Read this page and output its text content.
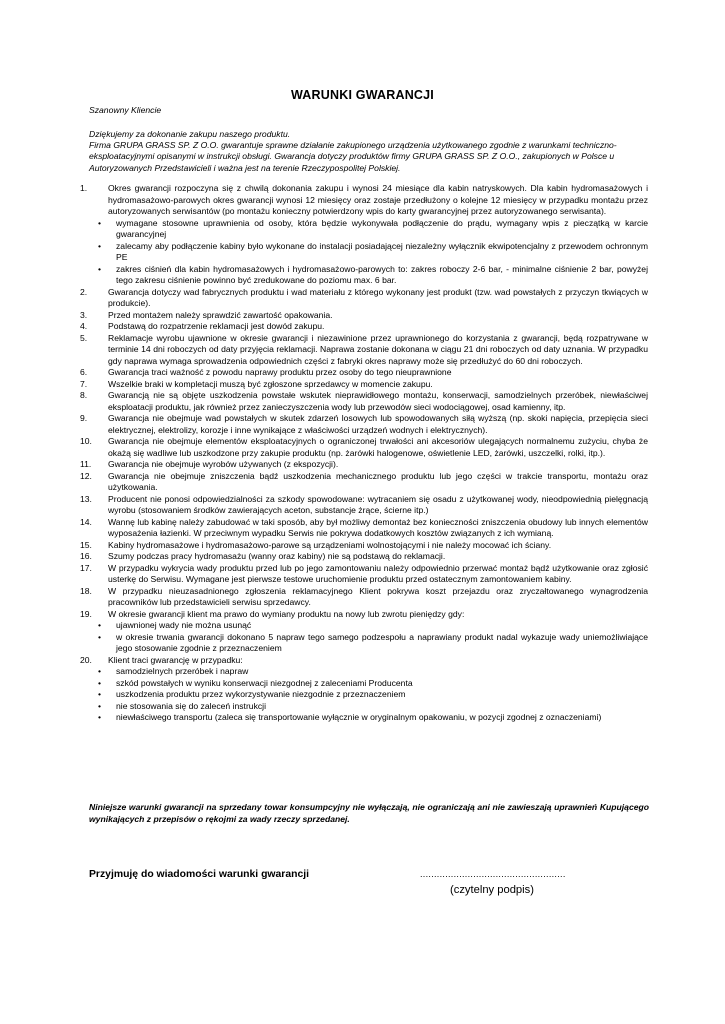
WARUNKI GWARANCJI
Szanowny Kliencie

Dziękujemy za dokonanie zakupu naszego produktu.

Firma GRUPA GRASS SP. Z O.O. gwarantuje sprawne działanie zakupionego urządzenia użytkowanego zgodnie z warunkami techniczno-eksploatacyjnymi opisanymi w instrukcji obsługi. Gwarancja dotyczy produktów firmy GRUPA GRASS SP. Z O.O., zakupionych w Polsce u Autoryzowanych Przedstawicieli i ważna jest na terenie Rzeczypospolitej Polskiej.

1.	Okres gwarancji rozpoczyna się z chwilą dokonania zakupu i wynosi 24 miesiące dla kabin natryskowych. Dla kabin hydromasażowych i hydromasażowo-parowych okres gwarancji wynosi 12 miesięcy oraz zostaje przedłużony o kolejne 12 miesięcy w przypadku montażu przez autoryzowanych serwisantów (po montażu konieczny potwierdzony wpis do karty gwarancyjnej przez autoryzowanego serwisanta).
• wymagane stosowne uprawnienia od osoby, która będzie wykonywała podłączenie do prądu, wymagany wpis z pieczątką w karcie gwarancyjnej
• zalecamy aby podłączenie kabiny było wykonane do instalacji posiadającej niezależny wyłącznik ekwipotencjalny z przewodem ochronnym PE
• zakres ciśnień dla kabin hydromasażowych i hydromasażowo-parowych to: zakres roboczy 2-6 bar, - minimalne ciśnienie 2 bar, powyżej tego zakresu ciśnienie powinno być zredukowane do poziomu max. 6 bar.
2.	Gwarancja dotyczy wad fabrycznych produktu i wad materiału z którego wykonany jest produkt (tzw. wad powstałych z przyczyn tkwiących w produkcie).
3.	Przed montażem należy sprawdzić zawartość opakowania.
4.	Podstawą do rozpatrzenie reklamacji jest dowód zakupu.
5.	Reklamacje wyrobu ujawnione w okresie gwarancji i niezawinione przez uprawnionego do korzystania z gwarancji, będą rozpatrywane w terminie 14 dni roboczych od daty przyjęcia reklamacji. Naprawa zostanie dokonana w ciągu 21 dni roboczych od daty uznania. W przypadku gdy naprawa wymaga sprowadzenia odpowiednich części z fabryki okres naprawy może się przedłużyć do 60 dni roboczych.
6.	Gwarancja traci ważność z powodu naprawy produktu przez osoby do tego nieuprawnione
7.	Wszelkie braki w kompletacji muszą być zgłoszone sprzedawcy w momencie zakupu.
8.	Gwarancją nie są objęte uszkodzenia powstałe wskutek nieprawidłowego montażu, konserwacji, samodzielnych przeróbek, niewłaściwej eksploatacji produktu, jak również przez zanieczyszczenia wody lub przewodów sieci wodociągowej, osad kamienny, itp.
9.	Gwarancja nie obejmuje wad powstałych w skutek zdarzeń losowych lub spowodowanych siłą wyższą (np. skoki napięcia, przepięcia sieci elektrycznej, elektrolizy, korozje i inne wynikające z właściwości urządzeń wodnych i elektrycznych).
10.	Gwarancja nie obejmuje elementów eksploatacyjnych o ograniczonej trwałości ani akcesoriów ulegających normalnemu zużyciu, chyba że okażą się wadliwe lub uszkodzone przy zakupie produktu (np. żarówki halogenowe, oświetlenie LED, żarówki, uszczelki, rolki, itp.).
11.	Gwarancja nie obejmuje wyrobów używanych (z ekspozycji).
12.	Gwarancja nie obejmuje zniszczenia bądź uszkodzenia mechanicznego produktu lub jego części w trakcie transportu, montażu oraz użytkowania.
13.	Producent nie ponosi odpowiedzialności za szkody spowodowane: wytracaniem się osadu z użytkowanej wody, nieodpowiednią pielęgnacją wyrobu (stosowaniem środków zawierających aceton, substancje żrące, ścierne itp.)
14.	Wannę lub kabinę należy zabudować w taki sposób, aby był możliwy demontaż bez konieczności zniszczenia obudowy lub innych elementów wyposażenia łazienki. W przeciwnym wypadku Serwis nie pokrywa dodatkowych kosztów związanych z ich wymianą.
15.	Kabiny hydromasażowe i hydromasażowo-parowe są urządzeniami wolnostojącymi i nie należy mocować ich ściany.
16.	Szumy podczas pracy hydromasażu (wanny oraz kabiny) nie są podstawą do reklamacji.
17.	W przypadku wykrycia wady produktu przed lub po jego zamontowaniu należy odpowiednio przerwać montaż bądź użytkowanie oraz zgłosić usterkę do Serwisu. Wymagane jest pierwsze testowe uruchomienie produktu przed ostatecznym zamontowaniem kabiny.
18.	W przypadku nieuzasadnionego zgłoszenia reklamacyjnego Klient pokrywa koszt przejazdu oraz zryczałtowanego wynagrodzenia pracowników lub przedstawicieli serwisu sprzedawcy.
19.	W okresie gwarancji klient ma prawo do wymiany produktu na nowy lub zwrotu pieniędzy gdy:
• ujawnionej wady nie można usunąć
• w okresie trwania gwarancji dokonano 5 napraw tego samego podzespołu a naprawiany produkt nadal wykazuje wady uniemożliwiające jego stosowanie zgodnie z przeznaczeniem
20.	Klient traci gwarancję w przypadku:
• samodzielnych przeróbek i napraw
• szkód powstałych w wyniku konserwacji niezgodnej z zaleceniami Producenta
• uszkodzenia produktu przez wykorzystywanie niezgodnie z przeznaczeniem
• nie stosowania się do zaleceń instrukcji
• niewłaściwego transportu (zaleca się transportowanie wyłącznie w oryginalnym opakowaniu, w pozycji zgodnej z oznaczeniami)
Niniejsze warunki gwarancji na sprzedany towar konsumpcyjny nie wyłączają, nie ograniczają ani nie zawieszają uprawnień Kupującego wynikających z przepisów o rękojmi za wady rzeczy sprzedanej.
Przyjmuję do wiadomości warunki gwarancji	....................................................
(czytelny podpis)
